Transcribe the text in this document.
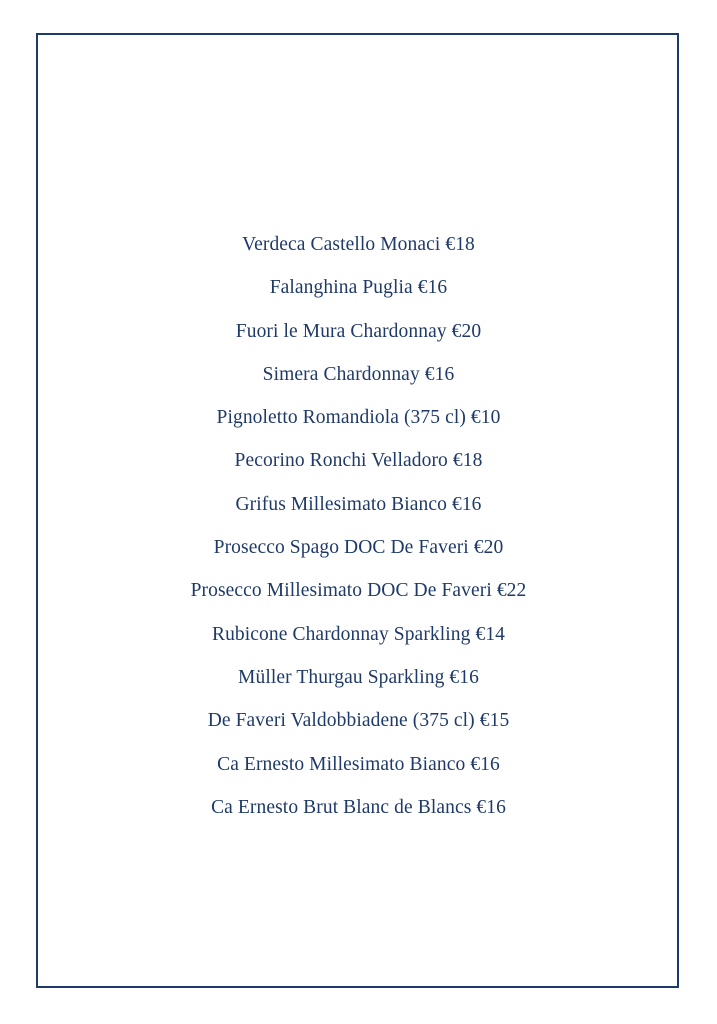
Verdeca Castello Monaci €18
Falanghina Puglia €16
Fuori le Mura Chardonnay €20
Simera Chardonnay €16
Pignoletto Romandiola (375 cl) €10
Pecorino Ronchi Velladoro €18
Grifus Millesimato Bianco €16
Prosecco Spago DOC De Faveri €20
Prosecco Millesimato DOC De Faveri €22
Rubicone Chardonnay Sparkling €14
Müller Thurgau Sparkling €16
De Faveri Valdobbiadene (375 cl) €15
Ca Ernesto Millesimato Bianco €16
Ca Ernesto Brut Blanc de Blancs €16
